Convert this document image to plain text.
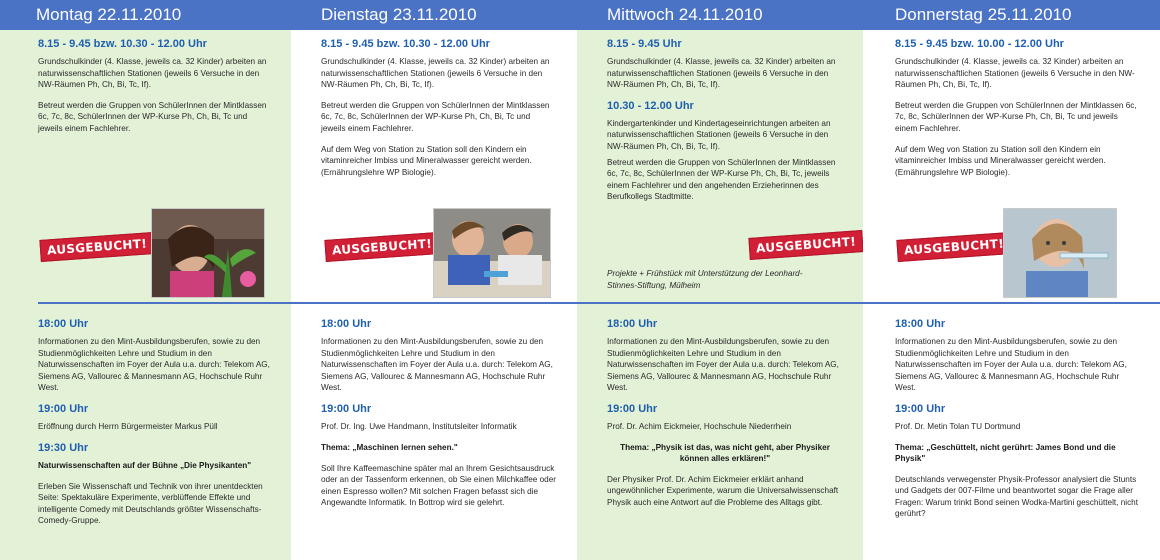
Montag 22.11.2010

8.15 - 9.45 bzw. 10.30 - 12.00 Uhr

Grundschulkinder (4. Klasse, jeweils ca. 32 Kinder) arbeiten an naturwissenschaftlichen Stationen (jeweils 6 Versuche in den NW-Räumen Ph, Ch, Bi, Tc, If).

Betreut werden die Gruppen von SchülerInnen der Mintklassen 6c, 7c, 8c, SchülerInnen der WP-Kurse Ph, Ch, Bi, Tc und jeweils einem Fachlehrer.

AUSGEBUCHT!

18:00 Uhr

Informationen zu den Mint-Ausbildungsberufen, sowie zu den Studienmöglichkeiten Lehre und Studium in den Naturwissenschaften im Foyer der Aula u.a. durch: Telekom AG, Siemens AG, Vallourec & Mannesmann AG, Hochschule Ruhr West.

19:00 Uhr

Eröffnung durch Herrn Bürgermeister Markus Püll

19:30 Uhr

Naturwissenschaften auf der Bühne „Die Physikanten"

Erleben Sie Wissenschaft und Technik von ihrer unentdeckten Seite: Spektakuläre Experimente, verblüffende Effekte und intelligente Comedy mit Deutschlands größter Wissenschafts-Comedy-Gruppe.

Dienstag 23.11.2010

8.15 - 9.45 bzw. 10.30 - 12.00 Uhr

Grundschulkinder (4. Klasse, jeweils ca. 32 Kinder) arbeiten an naturwissenschaftlichen Stationen (jeweils 6 Versuche in den NW-Räumen Ph, Ch, Bi, Tc, If).

Betreut werden die Gruppen von SchülerInnen der Mintklassen 6c, 7c, 8c, SchülerInnen der WP-Kurse Ph, Ch, Bi, Tc und jeweils einem Fachlehrer.

Auf dem Weg von Station zu Station soll den Kindern ein vitaminreicher Imbiss und Mineralwasser gereicht werden. (Ernährungslehre WP Biologie).

AUSGEBUCHT!

18:00 Uhr

Informationen zu den Mint-Ausbildungsberufen, sowie zu den Studienmöglichkeiten Lehre und Studium in den Naturwissenschaften im Foyer der Aula u.a. durch: Telekom AG, Siemens AG, Vallourec & Mannesmann AG, Hochschule Ruhr West.

19:00 Uhr

Prof. Dr. Ing. Uwe Handmann, Institutsleiter Informatik

Thema: „Maschinen lernen sehen."

Soll Ihre Kaffeemaschine später mal an Ihrem Gesichtsausdruck oder an der Tassenform erkennen, ob Sie einen Milchkaffee oder einen Espresso wollen? Mit solchen Fragen befasst sich die Angewandte Informatik. In Bottrop wird sie gelehrt.

Mittwoch 24.11.2010

8.15 - 9.45 Uhr

Grundschulkinder (4. Klasse, jeweils ca. 32 Kinder) arbeiten an naturwissenschaftlichen Stationen (jeweils 6 Versuche in den NW-Räumen Ph, Ch, Bi, Tc, If).

10.30 - 12.00 Uhr

Kindergartenkinder und Kindertageseinrichtungen arbeiten an naturwissenschaftlichen Stationen (jeweils 6 Versuche in den NW-Räumen Ph, Ch, Bi, Tc, If).

Betreut werden die Gruppen von SchülerInnen der Mintklassen 6c, 7c, 8c, SchülerInnen der WP-Kurse Ph, Ch, Bi, Tc, jeweils einem Fachlehrer und den angehenden Erzieherinnen des Berufkollegs Stadtmitte.

AUSGEBUCHT!

Projekte + Frühstück mit Unterstützung der Leonhard-Stinnes-Stiftung, Mülheim

18:00 Uhr

Informationen zu den Mint-Ausbildungsberufen, sowie zu den Studienmöglichkeiten Lehre und Studium in den Naturwissenschaften im Foyer der Aula u.a. durch: Telekom AG, Siemens AG, Vallourec & Mannesmann AG, Hochschule Ruhr West.

19:00 Uhr

Prof. Dr. Achim Eickmeier, Hochschule Niederrhein

Thema: „Physik ist das, was nicht geht, aber Physiker können alles erklären!"

Der Physiker Prof. Dr. Achim Eickmeier erklärt anhand ungewöhnlicher Experimente, warum die Universalwissenschaft Physik auch eine Antwort auf die Probleme des Alltags gibt.

Donnerstag 25.11.2010

8.15 - 9.45 bzw. 10.00 - 12.00 Uhr

Grundschulkinder (4. Klasse, jeweils ca. 32 Kinder) arbeiten an naturwissenschaftlichen Stationen (jeweils 6 Versuche in den NW-Räumen Ph, Ch, Bi, Tc, If).

Betreut werden die Gruppen von SchülerInnen der Mintklassen 6c, 7c, 8c, SchülerInnen der WP-Kurse Ph, Ch, Bi, Tc und jeweils einem Fachlehrer.

Auf dem Weg von Station zu Station soll den Kindern ein vitaminreicher Imbiss und Mineralwasser gereicht werden. (Ernährungslehre WP Biologie).

AUSGEBUCHT!

18:00 Uhr

Informationen zu den Mint-Ausbildungsberufen, sowie zu den Studienmöglichkeiten Lehre und Studium in den Naturwissenschaften im Foyer der Aula u.a. durch: Telekom AG, Siemens AG, Vallourec & Mannesmann AG, Hochschule Ruhr West.

19:00 Uhr

Prof. Dr. Metin Tolan TU Dortmund

Thema: „Geschüttelt, nicht gerührt: James Bond und die Physik"

Deutschlands verwegenster Physik-Professor analysiert die Stunts und Gadgets der 007-Filme und beantwortet sogar die Frage aller Fragen: Warum trinkt Bond seinen Wodka-Martini geschüttelt, nicht gerührt?
